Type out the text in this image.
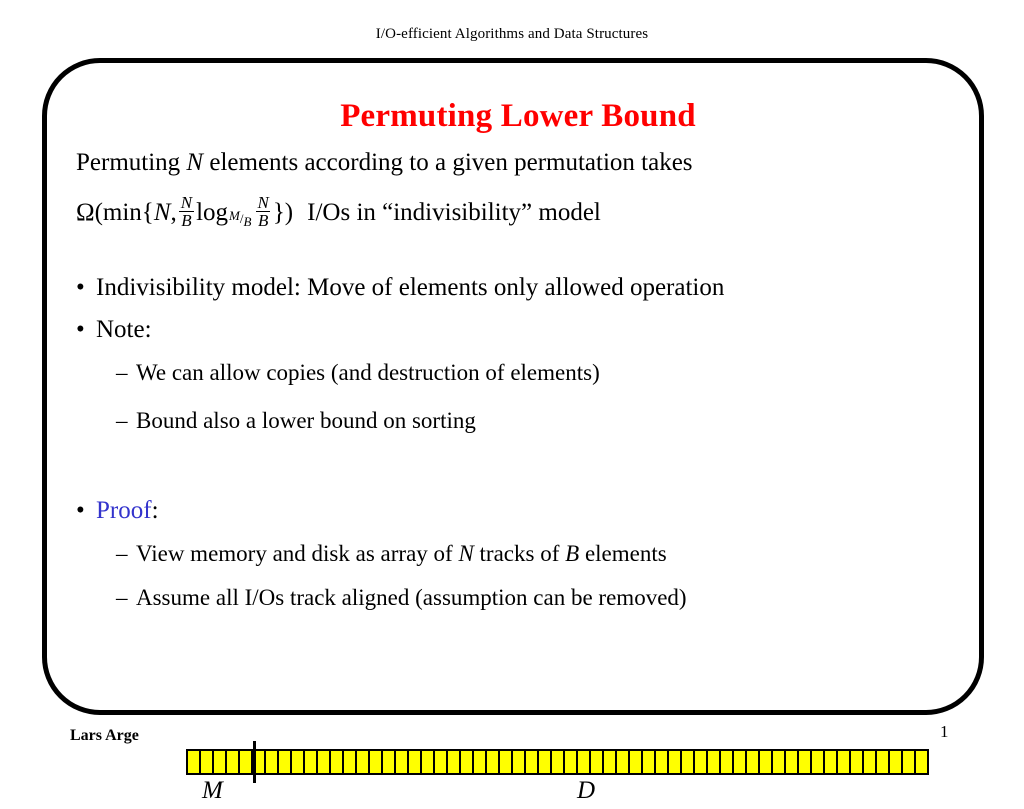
I/O-efficient Algorithms and Data Structures
Permuting Lower Bound
Permuting N elements according to a given permutation takes
Ω (min{ N , $\frac{N}{B}$ $\log M/B \frac{N}{B}$ }) I/Os in “indivisibility” model
• Indivisibility model: Move of elements only allowed operation
• Note:
– We can allow copies (and destruction of elements)
– Bound also a lower bound on sorting
• Proof:
– View memory and disk as array of N tracks of B elements
– Assume all I/Os track aligned (assumption can be removed)
M	D
Lars Arge	1
